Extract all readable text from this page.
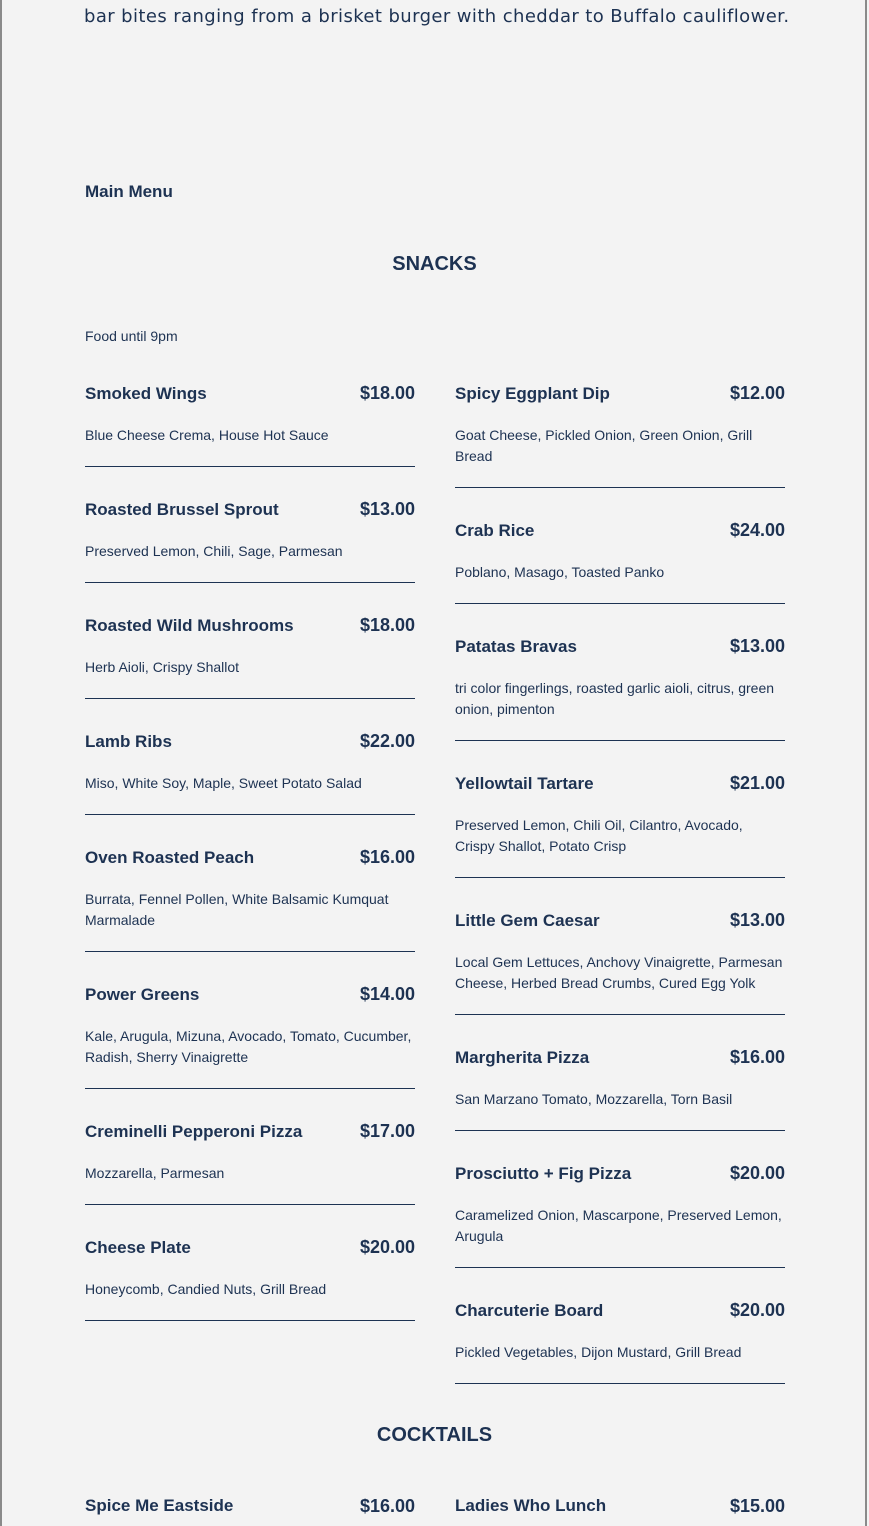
bar bites ranging from a brisket burger with cheddar to Buffalo cauliflower.
Main Menu
SNACKS
Food until 9pm
Smoked Wings	$18.00
Blue Cheese Crema, House Hot Sauce
Roasted Brussel Sprout	$13.00
Preserved Lemon, Chili, Sage, Parmesan
Roasted Wild Mushrooms	$18.00
Herb Aioli, Crispy Shallot
Lamb Ribs	$22.00
Miso, White Soy, Maple, Sweet Potato Salad
Oven Roasted Peach	$16.00
Burrata, Fennel Pollen, White Balsamic Kumquat Marmalade
Power Greens	$14.00
Kale, Arugula, Mizuna, Avocado, Tomato, Cucumber, Radish, Sherry Vinaigrette
Creminelli Pepperoni Pizza	$17.00
Mozzarella, Parmesan
Cheese Plate	$20.00
Honeycomb, Candied Nuts, Grill Bread
Spicy Eggplant Dip	$12.00
Goat Cheese, Pickled Onion, Green Onion, Grill Bread
Crab Rice	$24.00
Poblano, Masago, Toasted Panko
Patatas Bravas	$13.00
tri color fingerlings, roasted garlic aioli, citrus, green onion, pimenton
Yellowtail Tartare	$21.00
Preserved Lemon, Chili Oil, Cilantro, Avocado, Crispy Shallot, Potato Crisp
Little Gem Caesar	$13.00
Local Gem Lettuces, Anchovy Vinaigrette, Parmesan Cheese, Herbed Bread Crumbs, Cured Egg Yolk
Margherita Pizza	$16.00
San Marzano Tomato, Mozzarella, Torn Basil
Prosciutto + Fig Pizza	$20.00
Caramelized Onion, Mascarpone, Preserved Lemon, Arugula
Charcuterie Board	$20.00
Pickled Vegetables, Dijon Mustard, Grill Bread
COCKTAILS
Spice Me Eastside	$16.00 Ladies Who Lunch	$15.00
